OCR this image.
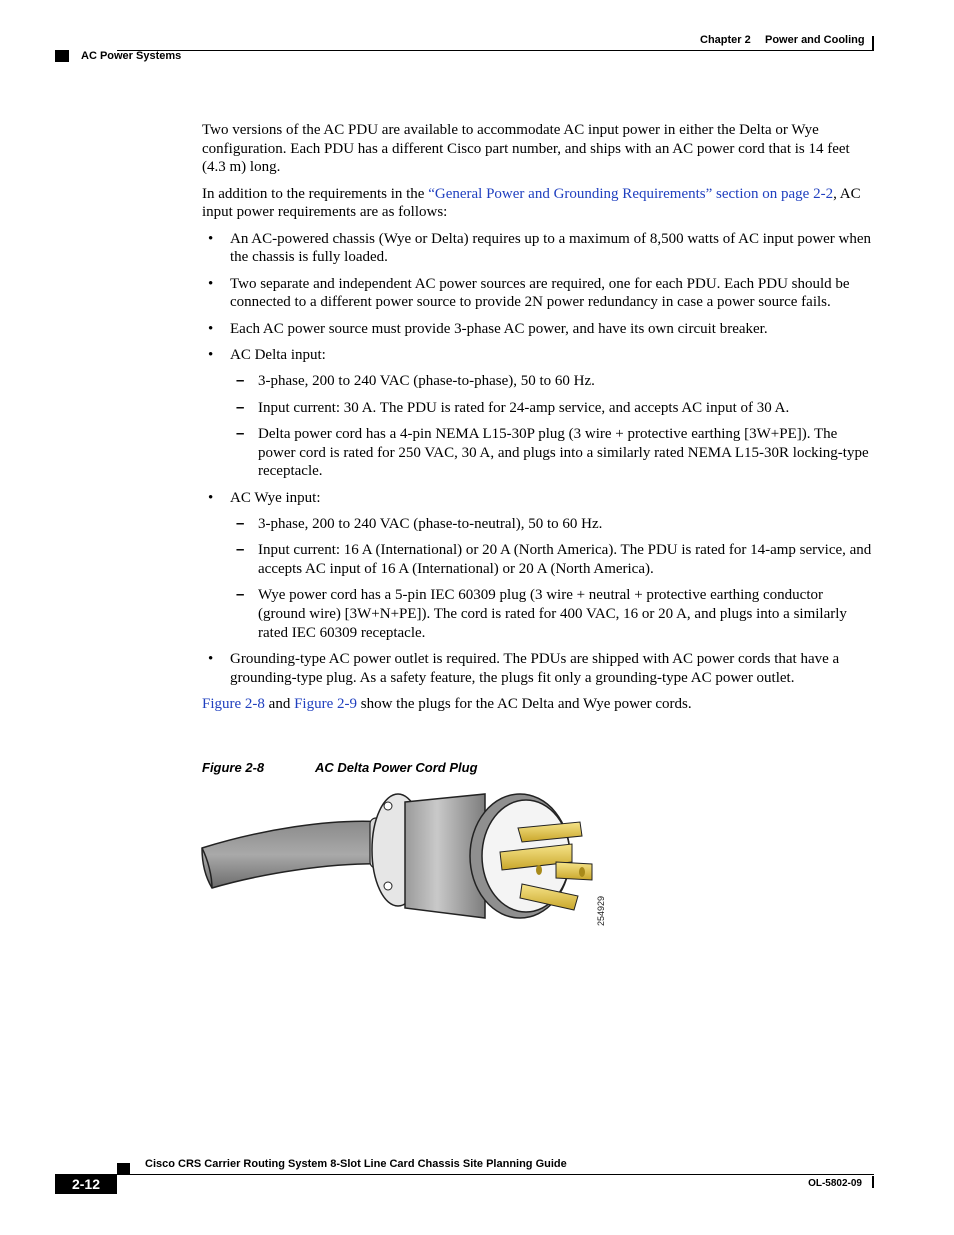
Chapter 2 Power and Cooling
AC Power Systems

Two versions of the AC PDU are available to accommodate AC input power in either the Delta or Wye configuration. Each PDU has a different Cisco part number, and ships with an AC power cord that is 14 feet (4.3 m) long.

In addition to the requirements in the “General Power and Grounding Requirements” section on page 2-2, AC input power requirements are as follows:

• An AC-powered chassis (Wye or Delta) requires up to a maximum of 8,500 watts of AC input power when the chassis is fully loaded.
• Two separate and independent AC power sources are required, one for each PDU. Each PDU should be connected to a different power source to provide 2N power redundancy in case a power source fails.
• Each AC power source must provide 3-phase AC power, and have its own circuit breaker.
• AC Delta input:
– 3-phase, 200 to 240 VAC (phase-to-phase), 50 to 60 Hz.
– Input current: 30 A. The PDU is rated for 24-amp service, and accepts AC input of 30 A.
– Delta power cord has a 4-pin NEMA L15-30P plug (3 wire + protective earthing [3W+PE]). The power cord is rated for 250 VAC, 30 A, and plugs into a similarly rated NEMA L15-30R locking-type receptacle.
• AC Wye input:
– 3-phase, 200 to 240 VAC (phase-to-neutral), 50 to 60 Hz.
– Input current: 16 A (International) or 20 A (North America). The PDU is rated for 14-amp service, and accepts AC input of 16 A (International) or 20 A (North America).
– Wye power cord has a 5-pin IEC 60309 plug (3 wire + neutral + protective earthing conductor (ground wire) [3W+N+PE]). The cord is rated for 400 VAC, 16 or 20 A, and plugs into a similarly rated IEC 60309 receptacle.
• Grounding-type AC power outlet is required. The PDUs are shipped with AC power cords that have a grounding-type plug. As a safety feature, the plugs fit only a grounding-type AC power outlet.

Figure 2-8 and Figure 2-9 show the plugs for the AC Delta and Wye power cords.

Figure 2-8	AC Delta Power Cord Plug
254929
Cisco CRS Carrier Routing System 8-Slot Line Card Chassis Site Planning Guide
2-12	OL-5802-09
